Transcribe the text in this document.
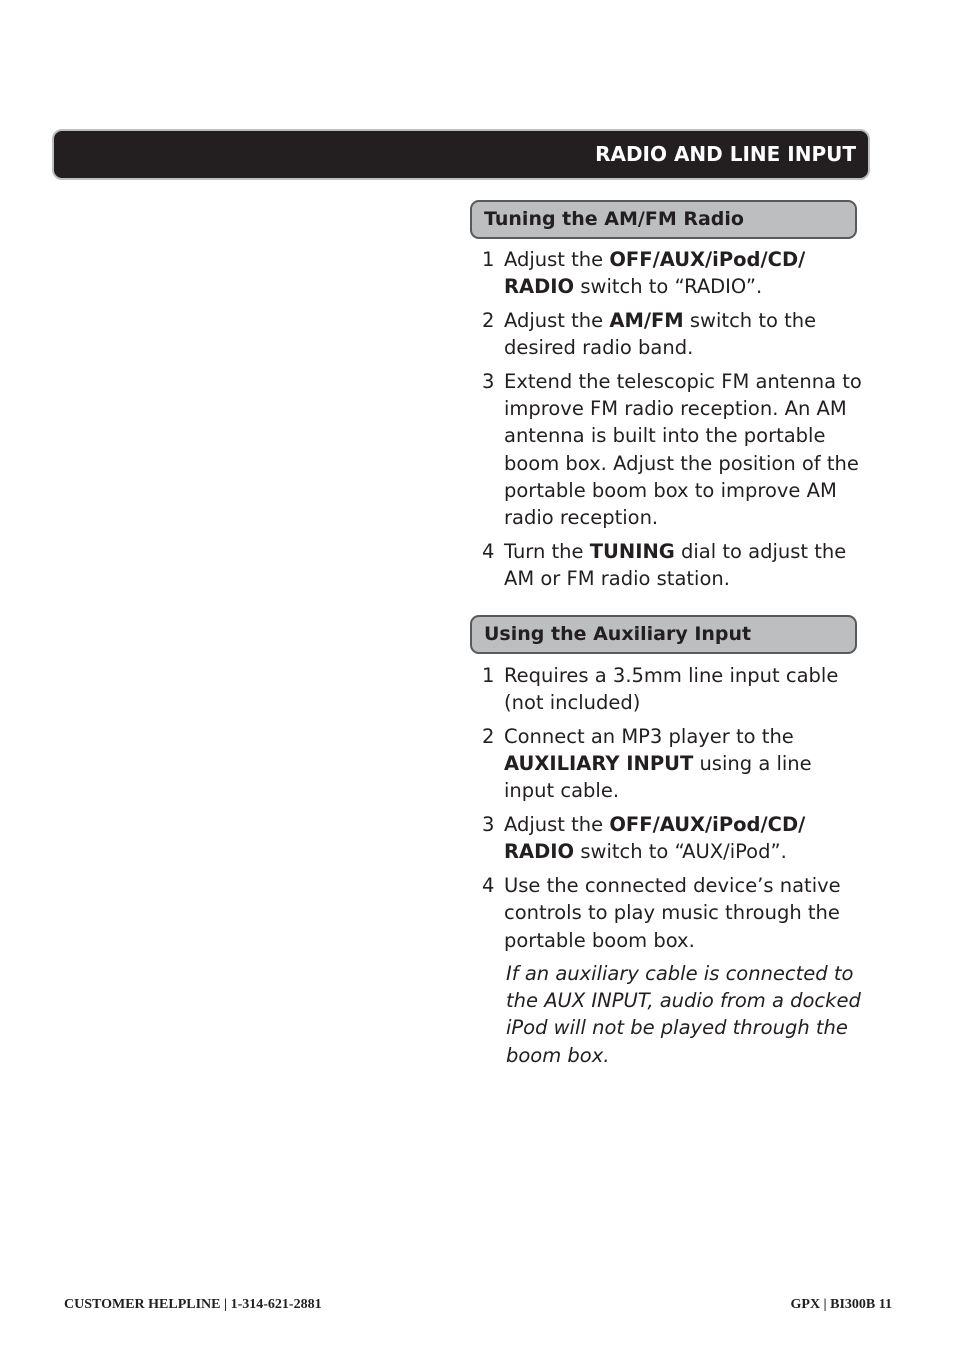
RADIO AND LINE INPUT
Tuning the AM/FM Radio
1 Adjust the OFF/AUX/iPod/CD/ RADIO switch to “RADIO”.
2 Adjust the AM/FM switch to the desired radio band.
3 Extend the telescopic FM antenna to improve FM radio reception. An AM antenna is built into the portable boom box. Adjust the position of the portable boom box to improve AM radio reception.
4 Turn the TUNING dial to adjust the AM or FM radio station.
Using the Auxiliary Input
1 Requires a 3.5mm line input cable (not included)
2 Connect an MP3 player to the AUXILIARY INPUT using a line input cable.
3 Adjust the OFF/AUX/iPod/CD/ RADIO switch to “AUX/iPod”.
4 Use the connected device’s native controls to play music through the portable boom box.
If an auxiliary cable is connected to the AUX INPUT, audio from a docked iPod will not be played through the boom box.
CUSTOMER HELPLINE | 1-314-621-2881	GPX | BI300B 11
